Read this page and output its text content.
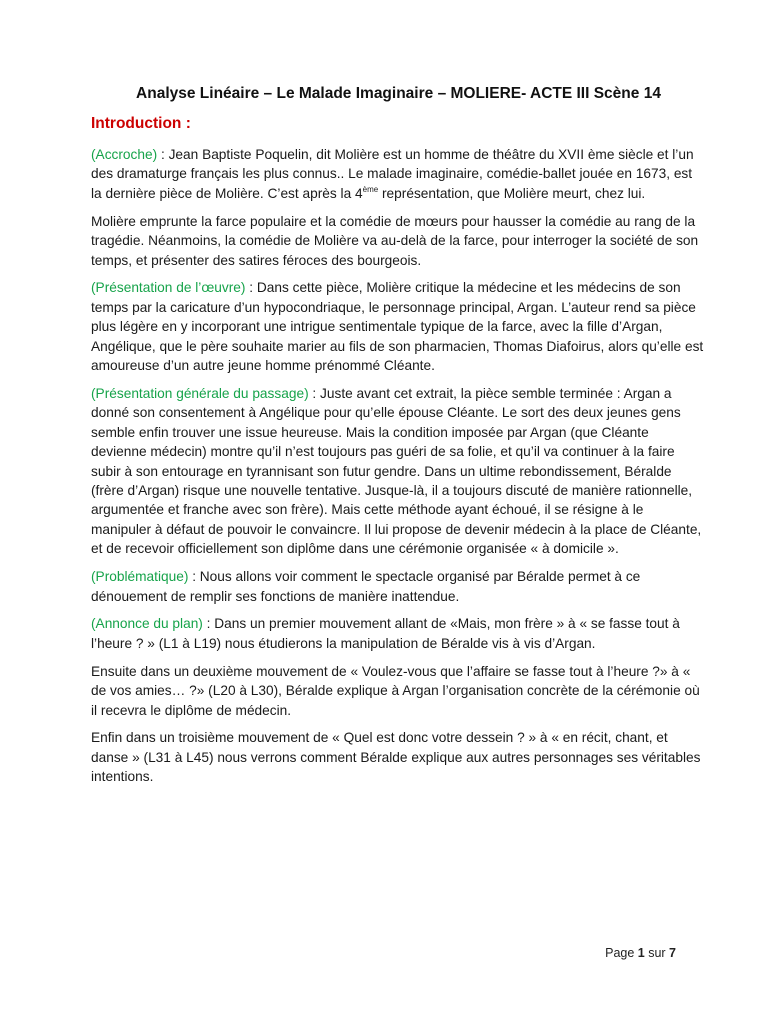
Analyse Linéaire – Le Malade Imaginaire – MOLIERE- ACTE III Scène 14
Introduction :

(Accroche) : Jean Baptiste Poquelin, dit Molière est un homme de théâtre du XVII ème siècle et l’un des dramaturge français les plus connus.. Le malade imaginaire, comédie-ballet jouée en 1673, est la dernière pièce de Molière. C’est après la 4ème représentation, que Molière meurt, chez lui.

Molière emprunte la farce populaire et la comédie de mœurs pour hausser la comédie au rang de la tragédie. Néanmoins, la comédie de Molière va au-delà de la farce, pour interroger la société de son temps, et présenter des satires féroces des bourgeois.

(Présentation de l’œuvre) : Dans cette pièce, Molière critique la médecine et les médecins de son temps par la caricature d’un hypocondriaque, le personnage principal, Argan. L’auteur rend sa pièce plus légère en y incorporant une intrigue sentimentale typique de la farce, avec la fille d’Argan, Angélique, que le père souhaite marier au fils de son pharmacien, Thomas Diafoirus, alors qu’elle est amoureuse d’un autre jeune homme prénommé Cléante.

(Présentation générale du passage) : Juste avant cet extrait, la pièce semble terminée : Argan a donné son consentement à Angélique pour qu’elle épouse Cléante. Le sort des deux jeunes gens semble enfin trouver une issue heureuse. Mais la condition imposée par Argan (que Cléante devienne médecin) montre qu’il n’est toujours pas guéri de sa folie, et qu’il va continuer à la faire subir à son entourage en tyrannisant son futur gendre. Dans un ultime rebondissement, Béralde (frère d’Argan) risque une nouvelle tentative. Jusque-là, il a toujours discuté de manière rationnelle, argumentée et franche avec son frère). Mais cette méthode ayant échoué, il se résigne à le manipuler à défaut de pouvoir le convaincre. Il lui propose de devenir médecin à la place de Cléante, et de recevoir officiellement son diplôme dans une cérémonie organisée « à domicile ».

(Problématique) : Nous allons voir comment le spectacle organisé par Béralde permet à ce dénouement de remplir ses fonctions de manière inattendue.

(Annonce du plan) : Dans un premier mouvement allant de «Mais, mon frère » à « se fasse tout à l’heure ? » (L1 à L19) nous étudierons la manipulation de Béralde vis à vis d’Argan.

Ensuite dans un deuxième mouvement de « Voulez-vous que l’affaire se fasse tout à l’heure ?» à « de vos amies… ?» (L20 à L30), Béralde explique à Argan l’organisation concrète de la cérémonie où il recevra le diplôme de médecin.

Enfin dans un troisième mouvement de « Quel est donc votre dessein ? » à « en récit, chant, et danse » (L31 à L45) nous verrons comment Béralde explique aux autres personnages ses véritables intentions.

Page 1 sur 7
